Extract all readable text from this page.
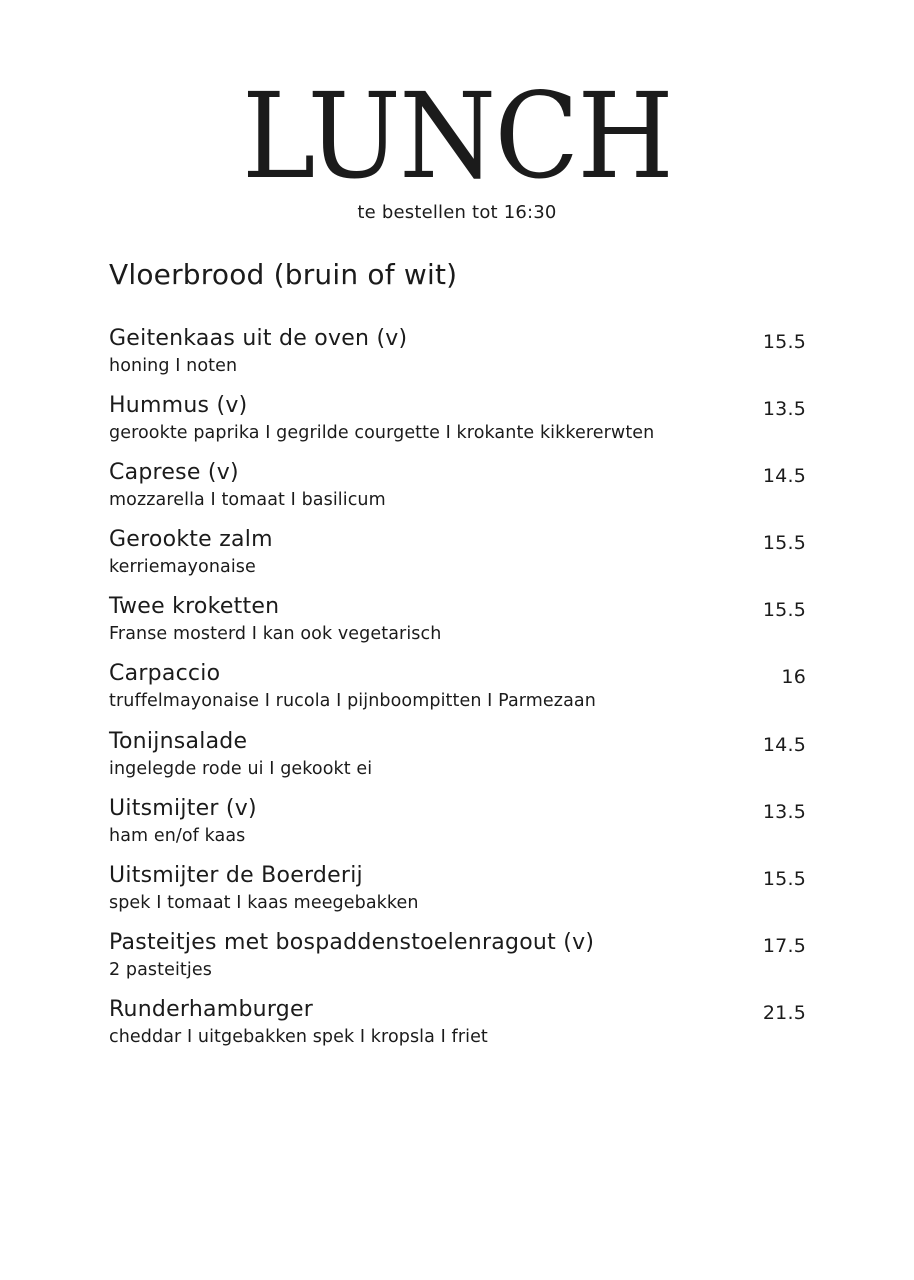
LUNCH
te bestellen tot 16:30
Vloerbrood (bruin of wit)
Geitenkaas uit de oven (v)
honing I noten
15.5
Hummus (v)
gerookte paprika I gegrilde courgette I krokante kikkererwten
13.5
Caprese (v)
mozzarella I tomaat I basilicum
14.5
Gerookte zalm
kerriemayonaise
15.5
Twee kroketten
Franse mosterd I kan ook vegetarisch
15.5
Carpaccio
truffelmayonaise I rucola I pijnboompitten I Parmezaan
16
Tonijnsalade
ingelegde rode ui I gekookt ei
14.5
Uitsmijter (v)
ham en/of kaas
13.5
Uitsmijter de Boerderij
spek I tomaat I kaas meegebakken
15.5
Pasteitjes met bospaddenstoelenragout (v)
2 pasteitjes
17.5
Runderhamburger
cheddar I uitgebakken spek I kropsla I friet
21.5
